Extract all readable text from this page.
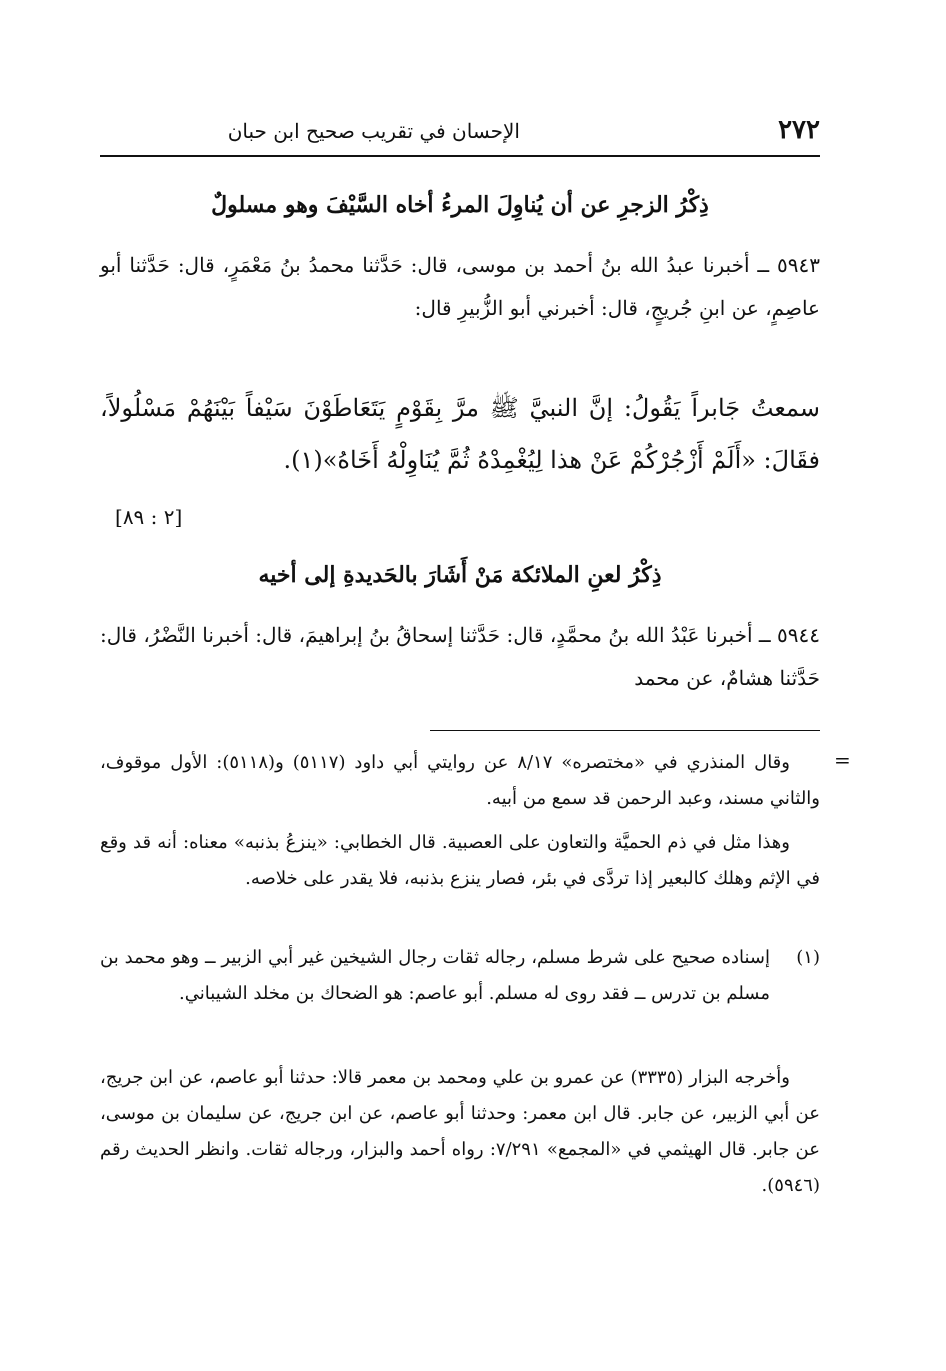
٢٧٢
الإحسان في تقريب صحيح ابن حبان
ذِكْرُ الزجرِ عن أن يُناوِلَ المرءُ أخاه السَّيْفَ وهو مسلولٌ
٥٩٤٣ ــ أخبرنا عبدُ الله بنُ أحمد بن موسى، قال: حَدَّثنا محمدُ بنُ مَعْمَرٍ، قال: حَدَّثنا أبو عاصِمٍ، عن ابنِ جُريجٍ، قال: أخبرني أبو الزُّبيرِ قال:
سمعتُ جَابراً يَقُولُ: إنَّ النبيَّ ﷺ مرَّ بِقَوْمٍ يَتَعَاطَوْنَ سَيْفاً بَيْنَهُمْ مَسْلُولاً، فقَالَ: «أَلَمْ أَزْجُرْكُمْ عَنْ هذا لِيُغْمِدْهُ ثُمَّ يُنَاوِلْهُ أَخَاهُ»(١).
[٢ : ٨٩]
ذِكْرُ لعنِ الملائكة مَنْ أَشَارَ بالحَديدةِ إلى أخيه
٥٩٤٤ ــ أخبرنا عَبْدُ الله بنُ محمَّدٍ، قال: حَدَّثنا إسحاقُ بنُ إبراهيمَ، قال: أخبرنا النَّضْرُ، قال: حَدَّثنا هشامٌ، عن محمد
=
وقال المنذري في «مختصره» ٨/١٧ عن روايتي أبي داود (٥١١٧) و(٥١١٨): الأول موقوف، والثاني مسند، وعبد الرحمن قد سمع من أبيه.
وهذا مثل في ذم الحميَّة والتعاون على العصبية. قال الخطابي: «ينزعُ بذنبه» معناه: أنه قد وقع في الإثم وهلك كالبعير إذا تردَّى في بئر، فصار ينزع بذنبه، فلا يقدر على خلاصه.
(١)
إسناده صحيح على شرط مسلم، رجاله ثقات رجال الشيخين غير أبي الزبير ــ وهو محمد بن مسلم بن تدرس ــ فقد روى له مسلم. أبو عاصم: هو الضحاك بن مخلد الشيباني.
وأخرجه البزار (٣٣٣٥) عن عمرو بن علي ومحمد بن معمر قالا: حدثنا أبو عاصم، عن ابن جريج، عن أبي الزبير، عن جابر. قال ابن معمر: وحدثنا أبو عاصم، عن ابن جريج، عن سليمان بن موسى، عن جابر. قال الهيثمي في «المجمع» ٧/٢٩١: رواه أحمد والبزار، ورجاله ثقات. وانظر الحديث رقم (٥٩٤٦).
